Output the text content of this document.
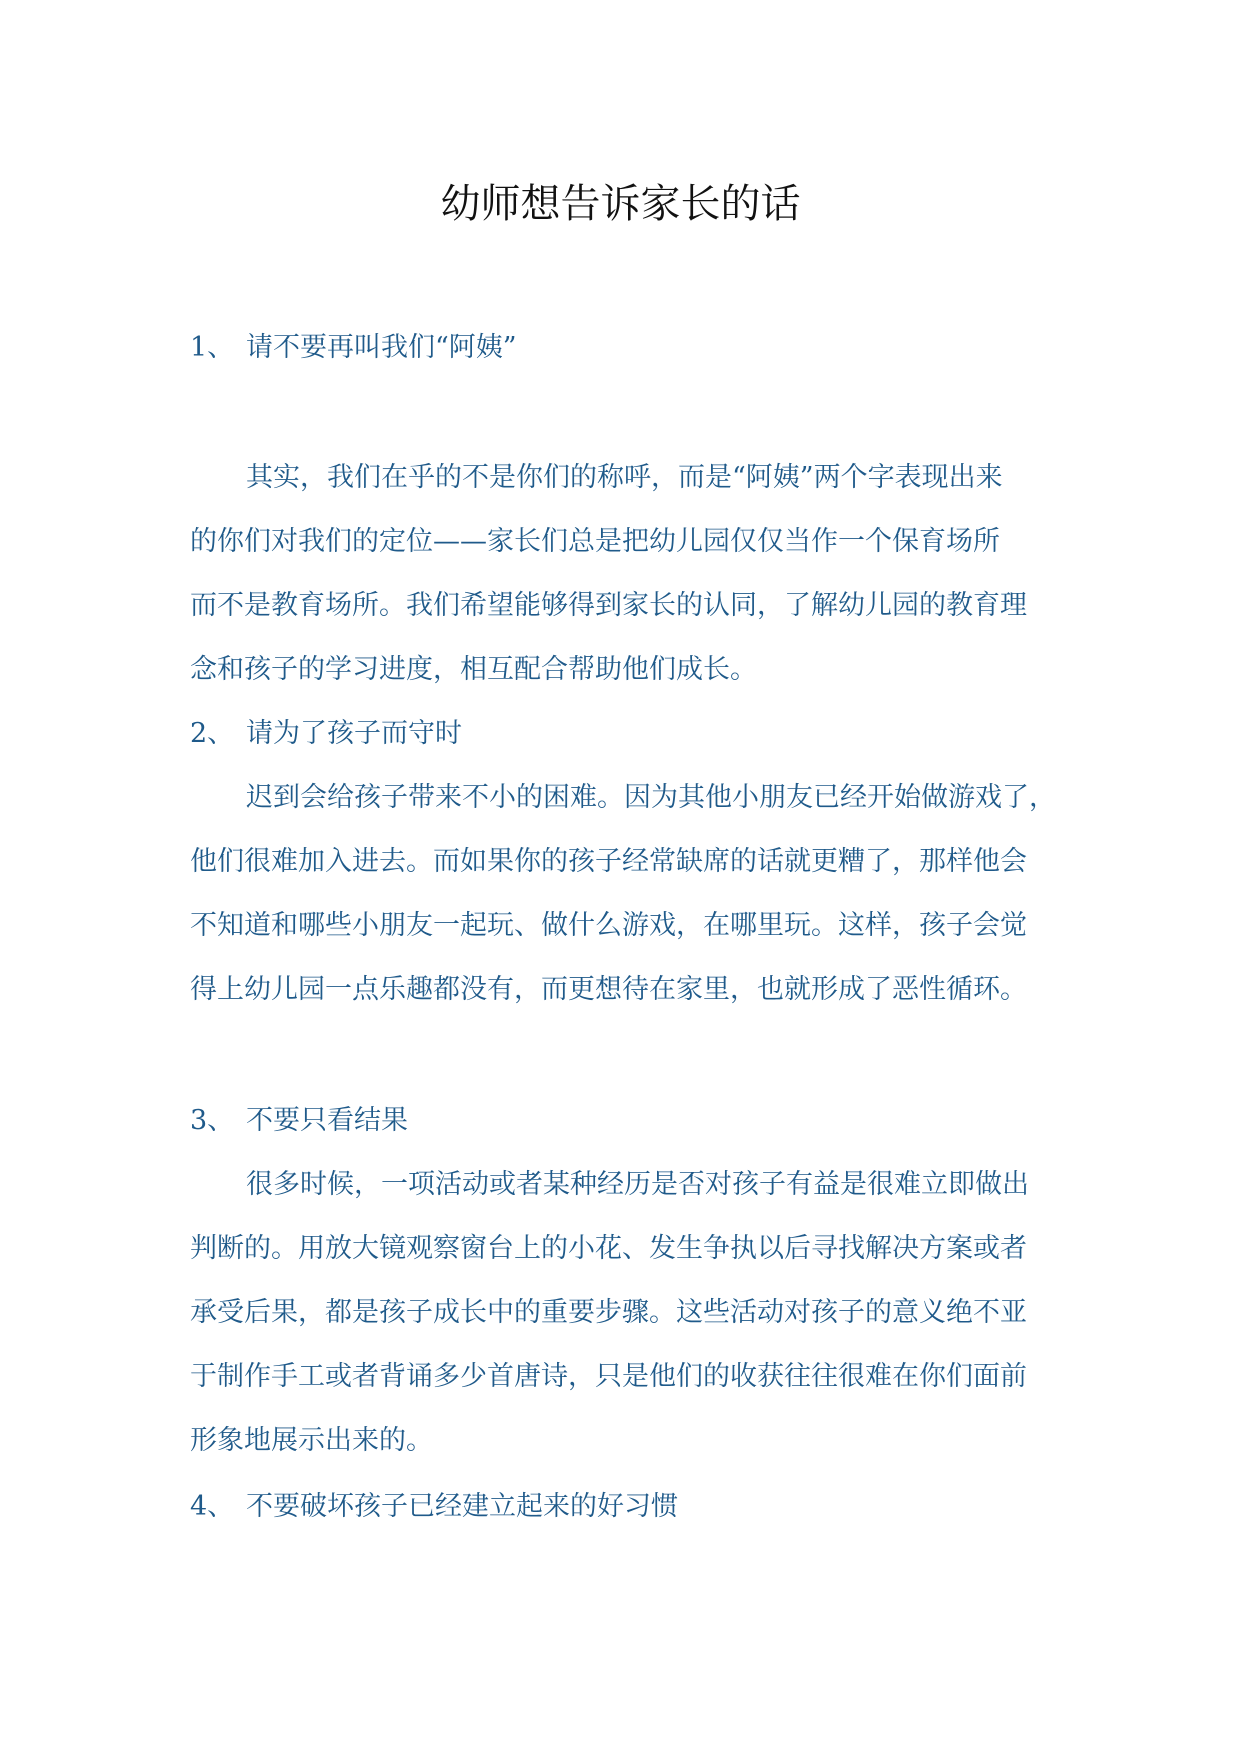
幼师想告诉家长的话
1、 请不要再叫我们“阿姨”
其实，我们在乎的不是你们的称呼，而是“阿姨”两个字表现出来
的你们对我们的定位——家长们总是把幼儿园仅仅当作一个保育场所
而不是教育场所。我们希望能够得到家长的认同，了解幼儿园的教育理
念和孩子的学习进度，相互配合帮助他们成长。
2、 请为了孩子而守时
迟到会给孩子带来不小的困难。因为其他小朋友已经开始做游戏了，
他们很难加入进去。而如果你的孩子经常缺席的话就更糟了，那样他会
不知道和哪些小朋友一起玩、做什么游戏，在哪里玩。这样，孩子会觉
得上幼儿园一点乐趣都没有，而更想待在家里，也就形成了恶性循环。
3、 不要只看结果
很多时候，一项活动或者某种经历是否对孩子有益是很难立即做出
判断的。用放大镜观察窗台上的小花、发生争执以后寻找解决方案或者
承受后果，都是孩子成长中的重要步骤。这些活动对孩子的意义绝不亚
于制作手工或者背诵多少首唐诗，只是他们的收获往往很难在你们面前
形象地展示出来的。
4、 不要破坏孩子已经建立起来的好习惯
